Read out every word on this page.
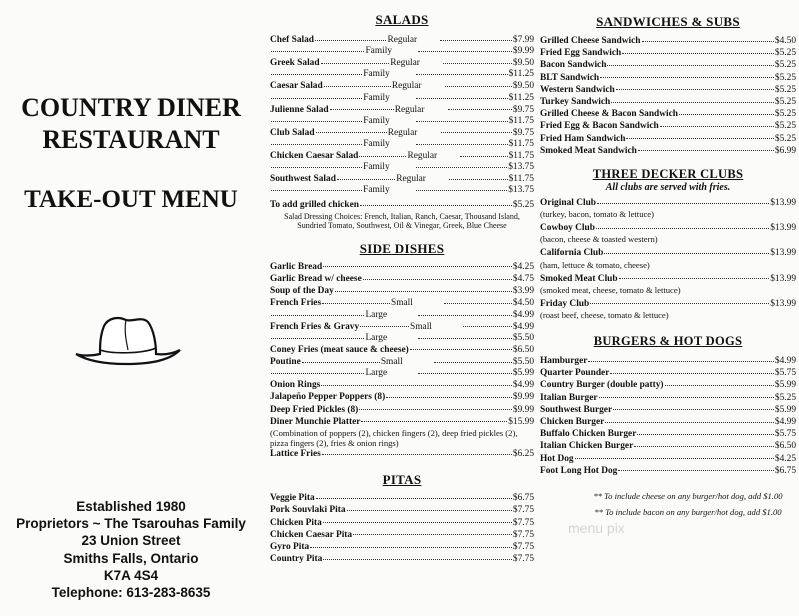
COUNTRY DINER RESTAURANT
TAKE-OUT MENU
Established 1980
Proprietors ~ The Tsarouhas Family
23 Union Street
Smiths Falls, Ontario
K7A 4S4
Telephone: 613-283-8635
SALADS
Chef Salad	Regular	$7.99
Family	$9.99
Greek Salad	Regular	$9.50
Family	$11.25
Caesar Salad	Regular	$9.50
Family	$11.25
Julienne Salad	Regular	$9.75
Family	$11.75
Club Salad	Regular	$9.75
Family	$11.75
Chicken Caesar Salad	Regular	$11.75
Family	$13.75
Southwest Salad	Regular	$11.75
Family	$13.75
To add grilled chicken	$5.25
Salad Dressing Choices: French, Italian, Ranch, Caesar, Thousand Island, Sundried Tomato, Southwest, Oil & Vinegar, Greek, Blue Cheese
SIDE DISHES
Garlic Bread	$4.25
Garlic Bread w/ cheese	$4.75
Soup of the Day	$3.99
French Fries	Small	$4.50
Large	$4.99
French Fries & Gravy	Small	$4.99
Large	$5.50
Coney Fries (meat sauce & cheese)	$6.50
Poutine	Small	$5.50
Large	$5.99
Onion Rings	$4.99
Jalapeño Pepper Poppers (8)	$9.99
Deep Fried Pickles (8)	$9.99
Diner Munchie Platter	$15.99
(Combination of poppers (2), chicken fingers (2), deep fried pickles (2), pizza fingers (2), fries & onion rings)
Lattice Fries	$6.25
PITAS
Veggie Pita	$6.75
Pork Souvlaki Pita	$7.75
Chicken Pita	$7.75
Chicken Caesar Pita	$7.75
Gyro Pita	$7.75
Country Pita	$7.75
SANDWICHES & SUBS
Grilled Cheese Sandwich	$4.50
Fried Egg Sandwich	$5.25
Bacon Sandwich	$5.25
BLT Sandwich	$5.25
Western Sandwich	$5.25
Turkey Sandwich	$5.25
Grilled Cheese & Bacon Sandwich	$5.25
Fried Egg & Bacon Sandwich	$5.25
Fried Ham Sandwich	$5.25
Smoked Meat Sandwich	$6.99
THREE DECKER CLUBS
All clubs are served with fries.
Original Club	$13.99
(turkey, bacon, tomato & lettuce)
Cowboy Club	$13.99
(bacon, cheese & toasted western)
California Club	$13.99
(ham, lettuce & tomato, cheese)
Smoked Meat Club	$13.99
(smoked meat, cheese, tomato & lettuce)
Friday Club	$13.99
(roast beef, cheese, tomato & lettuce)
BURGERS & HOT DOGS
Hamburger	$4.99
Quarter Pounder	$5.75
Country Burger (double patty)	$5.99
Italian Burger	$5.25
Southwest Burger	$5.99
Chicken Burger	$4.99
Buffalo Chicken Burger	$5.75
Italian Chicken Burger	$6.50
Hot Dog	$4.25
Foot Long Hot Dog	$6.75
** To include cheese on any burger/hot dog, add $1.00
** To include bacon on any burger/hot dog, add $1.00
menu pix
